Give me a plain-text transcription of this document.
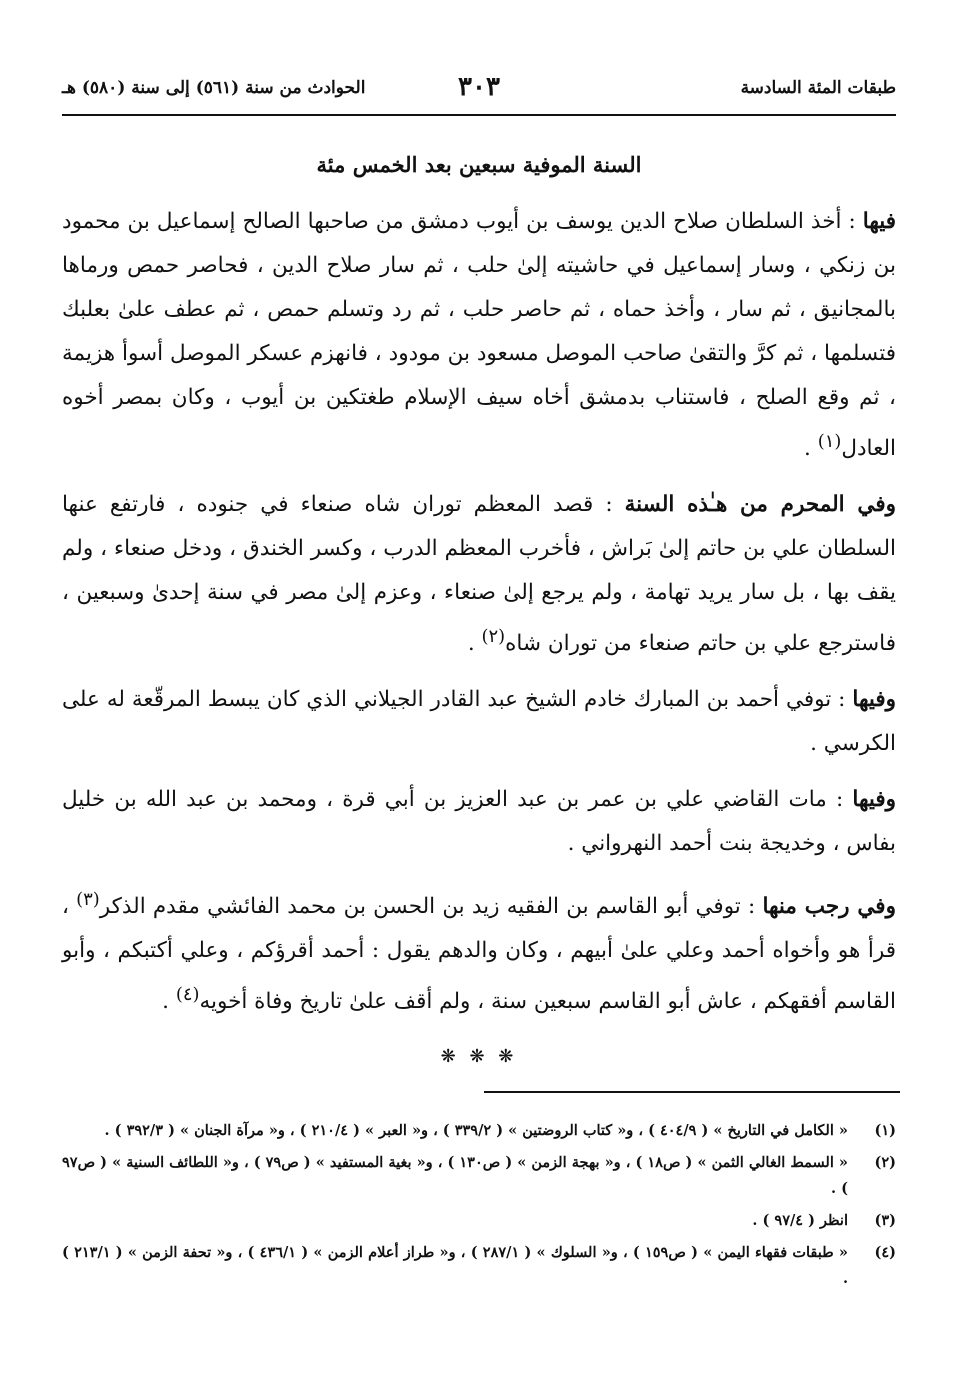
طبقات المئة السادسة
٣٠٣
الحوادث من سنة (٥٦١) إلى سنة (٥٨٠) هـ
السنة الموفية سبعين بعد الخمس مئة

فيها : أخذ السلطان صلاح الدين يوسف بن أيوب دمشق من صاحبها الصالح إسماعيل بن محمود بن زنكي ، وسار إسماعيل في حاشيته إلىٰ حلب ، ثم سار صلاح الدين ، فحاصر حمص ورماها بالمجانيق ، ثم سار ، وأخذ حماه ، ثم حاصر حلب ، ثم رد وتسلم حمص ، ثم عطف علىٰ بعلبك فتسلمها ، ثم كرَّ والتقىٰ صاحب الموصل مسعود بن مودود ، فانهزم عسكر الموصل أسوأ هزيمة ، ثم وقع الصلح ، فاستناب بدمشق أخاه سيف الإسلام طغتكين بن أيوب ، وكان بمصر أخوه العادل$^{(١)}$ .

وفي المحرم من هـٰذه السنة : قصد المعظم توران شاه صنعاء في جنوده ، فارتفع عنها السلطان علي بن حاتم إلىٰ بَراش ، فأخرب المعظم الدرب ، وكسر الخندق ، ودخل صنعاء ، ولم يقف بها ، بل سار يريد تهامة ، ولم يرجع إلىٰ صنعاء ، وعزم إلىٰ مصر في سنة إحدىٰ وسبعين ، فاسترجع علي بن حاتم صنعاء من توران شاه$^{(٢)}$ .

وفيها : توفي أحمد بن المبارك خادم الشيخ عبد القادر الجيلاني الذي كان يبسط المرقّعة له على الكرسي .

وفيها : مات القاضي علي بن عمر بن عبد العزيز بن أبي قرة ، ومحمد بن عبد الله بن خليل بفاس ، وخديجة بنت أحمد النهرواني .

وفي رجب منها : توفي أبو القاسم بن الفقيه زيد بن الحسن بن محمد الفائشي مقدم الذكر$^{(٣)}$ ، قرأ هو وأخواه أحمد وعلي علىٰ أبيهم ، وكان والدهم يقول : أحمد أقرؤكم ، وعلي أكتبكم ، وأبو القاسم أفقهكم ، عاش أبو القاسم سبعين سنة ، ولم أقف علىٰ تاريخ وفاة أخويه$^{(٤)}$ .

❋ ❋ ❋

(١)
« الكامل في التاريخ » ( ٤٠٤/٩ ) ، و« كتاب الروضتين » ( ٣٣٩/٢ ) ، و« العبر » ( ٢١٠/٤ ) ، و« مرآة الجنان » ( ٣٩٢/٣ ) .

(٢)
« السمط الغالي الثمن » ( ص١٨ ) ، و« بهجة الزمن » ( ص١٣٠ ) ، و« بغية المستفيد » ( ص٧٩ ) ، و« اللطائف السنية » ( ص٩٧ ) .

(٣)
انظر ( ٩٧/٤ ) .

(٤)
« طبقات فقهاء اليمن » ( ص١٥٩ ) ، و« السلوك » ( ٢٨٧/١ ) ، و« طراز أعلام الزمن » ( ٤٣٦/١ ) ، و« تحفة الزمن » ( ٢١٣/١ ) .
